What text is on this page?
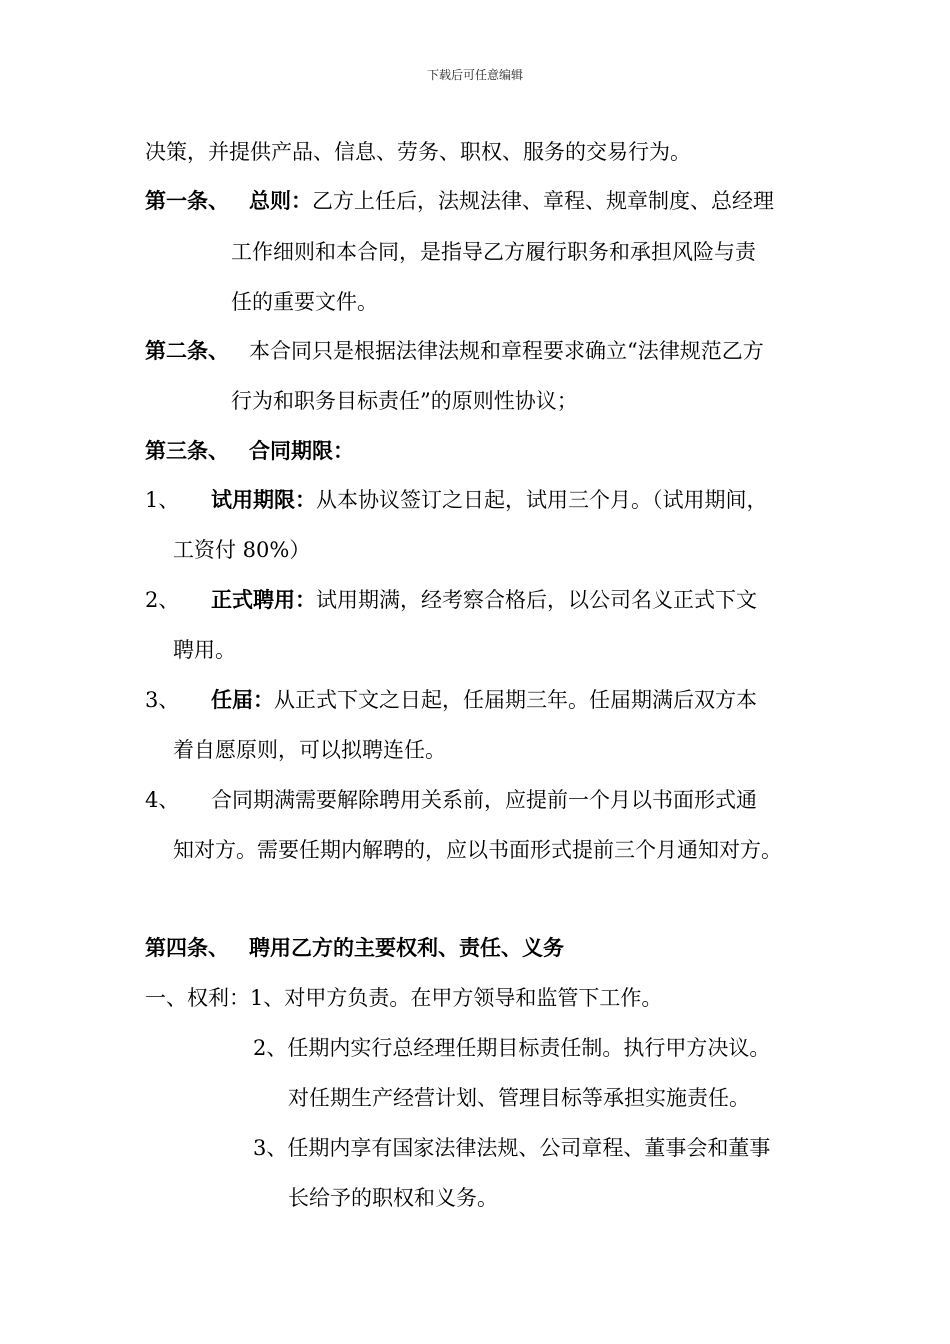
下载后可任意编辑
决策，并提供产品、信息、劳务、职权、服务的交易行为。
第一条、 总则：乙方上任后，法规法律、章程、规章制度、总经理
工作细则和本合同，是指导乙方履行职务和承担风险与责
任的重要文件。
第二条、 本合同只是根据法律法规和章程要求确立“法律规范乙方
行为和职务目标责任”的原则性协议；
第三条、 合同期限：
1、 试用期限：从本协议签订之日起，试用三个月。（试用期间，
工资付 80%）
2、 正式聘用：试用期满，经考察合格后，以公司名义正式下文
聘用。
3、 任届：从正式下文之日起，任届期三年。任届期满后双方本
着自愿原则，可以拟聘连任。
4、 合同期满需要解除聘用关系前，应提前一个月以书面形式通
知对方。需要任期内解聘的，应以书面形式提前三个月通知对方。
第四条、 聘用乙方的主要权利、责任、义务
一、权利：1、对甲方负责。在甲方领导和监管下工作。
2、任期内实行总经理任期目标责任制。执行甲方决议。
对任期生产经营计划、管理目标等承担实施责任。
3、任期内享有国家法律法规、公司章程、董事会和董事
长给予的职权和义务。
